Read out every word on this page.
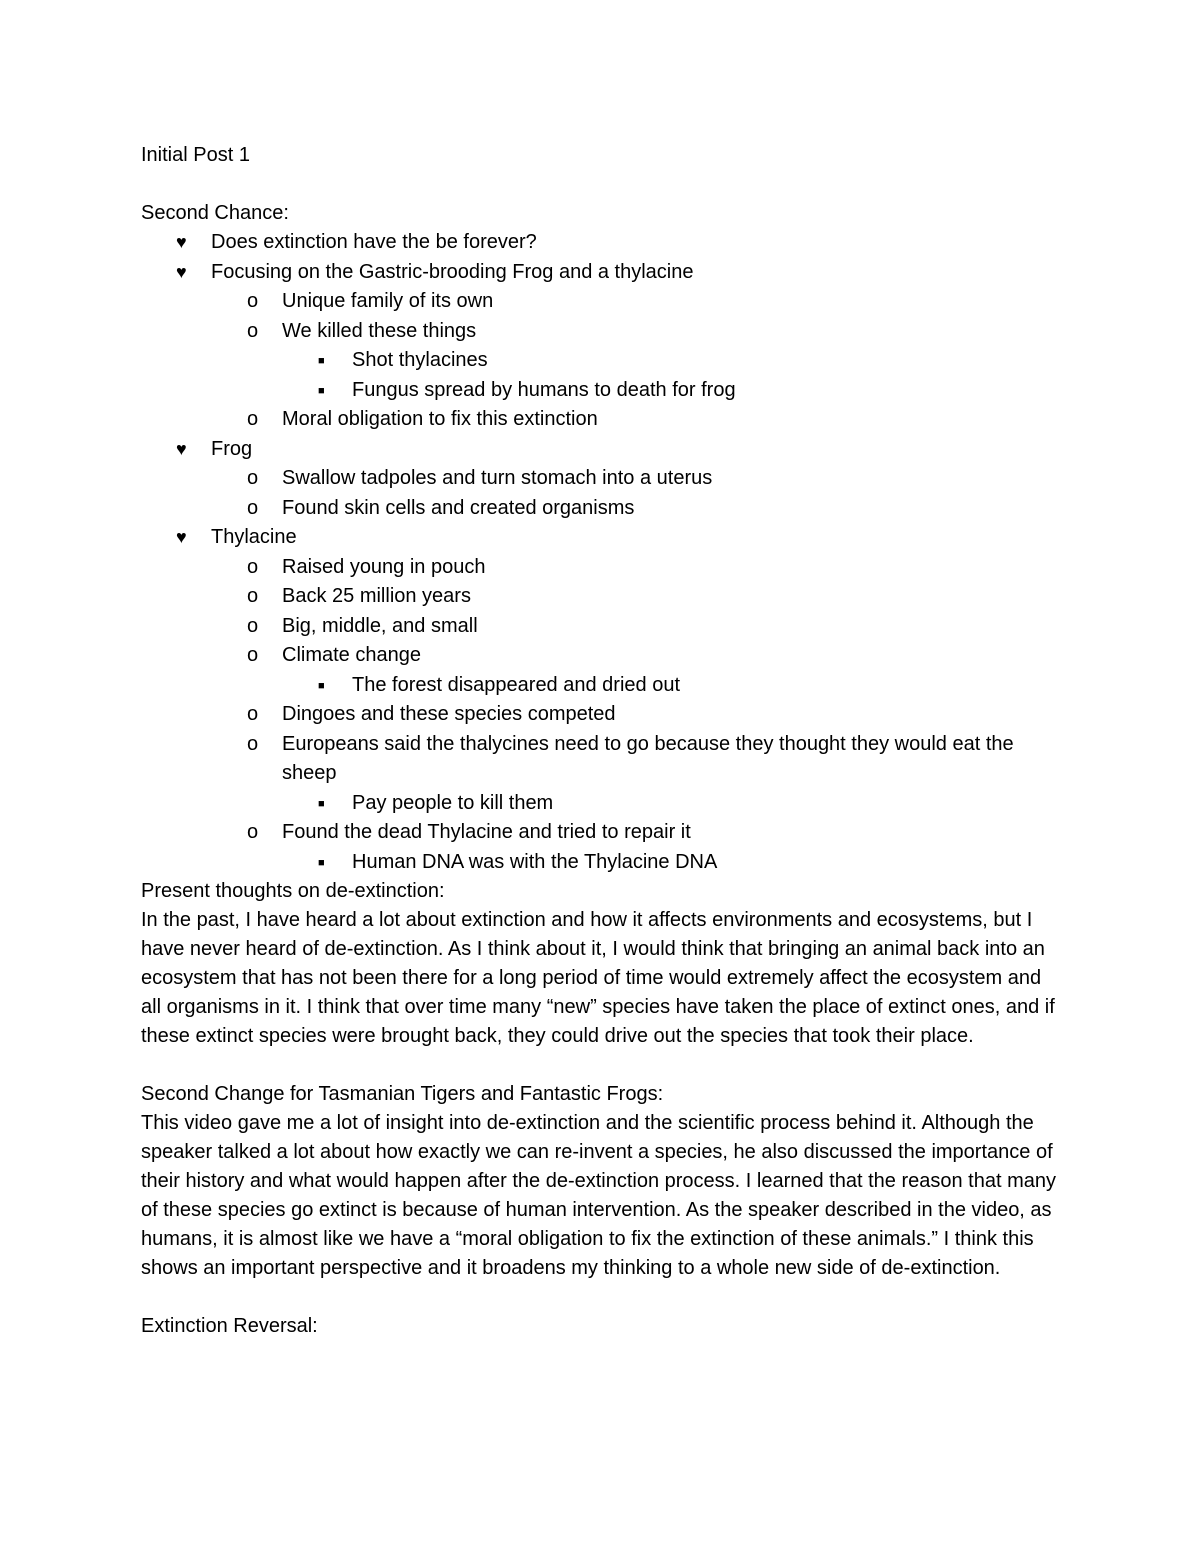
Initial Post 1

Second Chance:

♥ Does extinction have the be forever?
♥ Focusing on the Gastric-brooding Frog and a thylacine
o Unique family of its own
o We killed these things
■ Shot thylacines
■ Fungus spread by humans to death for frog
o Moral obligation to fix this extinction
♥ Frog
o Swallow tadpoles and turn stomach into a uterus
o Found skin cells and created organisms
♥ Thylacine
o Raised young in pouch
o Back 25 million years
o Big, middle, and small
o Climate change
■ The forest disappeared and dried out
o Dingoes and these species competed
o Europeans said the thalycines need to go because they thought they would eat the sheep
■ Pay people to kill them
o Found the dead Thylacine and tried to repair it
■ Human DNA was with the Thylacine DNA

Present thoughts on de-extinction:

In the past, I have heard a lot about extinction and how it affects environments and ecosystems, but I have never heard of de-extinction. As I think about it, I would think that bringing an animal back into an ecosystem that has not been there for a long period of time would extremely affect the ecosystem and all organisms in it. I think that over time many “new” species have taken the place of extinct ones, and if these extinct species were brought back, they could drive out the species that took their place.

Second Change for Tasmanian Tigers and Fantastic Frogs:

This video gave me a lot of insight into de-extinction and the scientific process behind it. Although the speaker talked a lot about how exactly we can re-invent a species, he also discussed the importance of their history and what would happen after the de-extinction process. I learned that the reason that many of these species go extinct is because of human intervention. As the speaker described in the video, as humans, it is almost like we have a “moral obligation to fix the extinction of these animals.” I think this shows an important perspective and it broadens my thinking to a whole new side of de-extinction.

Extinction Reversal:
